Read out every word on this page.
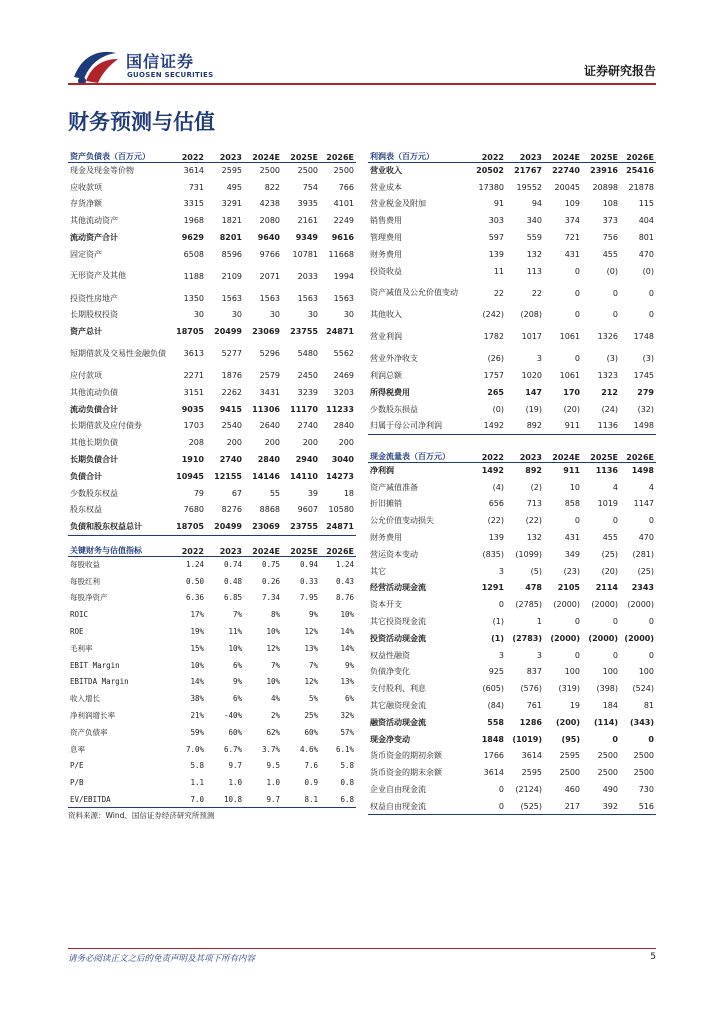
国信证券
GUOSEN SECURITIES	证券研究报告
财务预测与估值
资产负债表（百万元）	2022	2023	2024E	2025E	2026E
现金及现金等价物	3614	2595	2500	2500	2500
应收款项	731	495	822	754	766
存货净额	3315	3291	4238	3935	4101
其他流动资产	1968	1821	2080	2161	2249
流动资产合计	9629	8201	9640	9349	9616
固定资产	6508	8596	9766	10781	11668
无形资产及其他	1188	2109	2071	2033	1994
投资性房地产	1350	1563	1563	1563	1563
长期股权投资	30	30	30	30	30
资产总计	18705	20499	23069	23755	24871
短期借款及交易性金融负债	3613	5277	5296	5480	5562
应付款项	2271	1876	2579	2450	2469
其他流动负债	3151	2262	3431	3239	3203
流动负债合计	9035	9415	11306	11170	11233
长期借款及应付债券	1703	2540	2640	2740	2840
其他长期负债	208	200	200	200	200
长期负债合计	1910	2740	2840	2940	3040
负债合计	10945	12155	14146	14110	14273
少数股东权益	79	67	55	39	18
股东权益	7680	8276	8868	9607	10580
负债和股东权益总计	18705	20499	23069	23755	24871
关键财务与估值指标	2022	2023	2024E	2025E	2026E
每股收益	1.24	0.74	0.75	0.94	1.24
每股红利	0.50	0.48	0.26	0.33	0.43
每股净资产	6.36	6.85	7.34	7.95	8.76
ROIC	17%	7%	8%	9%	10%
ROE	19%	11%	10%	12%	14%
毛利率	15%	10%	12%	13%	14%
EBIT Margin	10%	6%	7%	7%	9%
EBITDA Margin	14%	9%	10%	12%	13%
收入增长	38%	6%	4%	5%	6%
净利润增长率	21%	-40%	2%	25%	32%
资产负债率	59%	60%	62%	60%	57%
息率	7.0%	6.7%	3.7%	4.6%	6.1%
P/E	5.8	9.7	9.5	7.6	5.8
P/B	1.1	1.0	1.0	0.9	0.8
EV/EBITDA	7.0	10.8	9.7	8.1	6.8
利润表（百万元）	2022	2023	2024E	2025E	2026E
营业收入	20502	21767	22740	23916	25416
营业成本	17380	19552	20045	20898	21878
营业税金及附加	91	94	109	108	115
销售费用	303	340	374	373	404
管理费用	597	559	721	756	801
财务费用	139	132	431	455	470
投资收益	11	113	0	(0)	(0)
资产减值及公允价值变动	22	22	0	0	0
其他收入	(242)	(208)	0	0	0
营业利润	1782	1017	1061	1326	1748
营业外净收支	(26)	3	0	(3)	(3)
利润总额	1757	1020	1061	1323	1745
所得税费用	265	147	170	212	279
少数股东损益	(0)	(19)	(20)	(24)	(32)
归属于母公司净利润	1492	892	911	1136	1498
现金流量表（百万元）	2022	2023	2024E	2025E	2026E
净利润	1492	892	911	1136	1498
资产减值准备	(4)	(2)	10	4	4
折旧摊销	656	713	858	1019	1147
公允价值变动损失	(22)	(22)	0	0	0
财务费用	139	132	431	455	470
营运资本变动	(835)	(1099)	349	(25)	(281)
其它	3	(5)	(23)	(20)	(25)
经营活动现金流	1291	478	2105	2114	2343
资本开支	0	(2785)	(2000)	(2000)	(2000)
其它投资现金流	(1)	1	0	0	0
投资活动现金流	(1)	(2783)	(2000)	(2000)	(2000)
权益性融资	3	3	0	0	0
负债净变化	925	837	100	100	100
支付股利、利息	(605)	(576)	(319)	(398)	(524)
其它融资现金流	(84)	761	19	184	81
融资活动现金流	558	1286	(200)	(114)	(343)
现金净变动	1848	(1019)	(95)	0	0
货币资金的期初余额	1766	3614	2595	2500	2500
货币资金的期末余额	3614	2595	2500	2500	2500
企业自由现金流	0	(2124)	460	490	730
权益自由现金流	0	(525)	217	392	516
资料来源：Wind、国信证券经济研究所预测
请务必阅读正文之后的免责声明及其项下所有内容	5
